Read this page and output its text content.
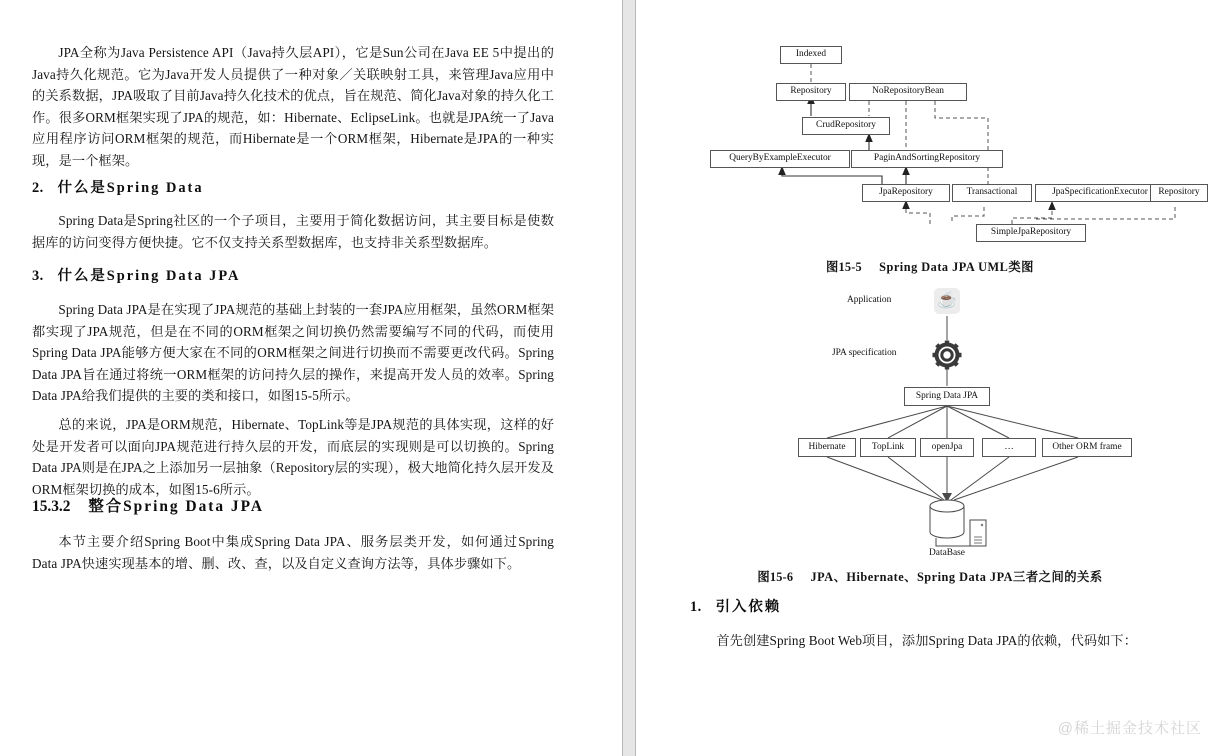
JPA全称为Java Persistence API（Java持久层API），它是Sun公司在Java EE 5中提出的Java持久化规范。它为Java开发人员提供了一种对象／关联映射工具，来管理Java应用中的关系数据，JPA吸取了目前Java持久化技术的优点，旨在规范、简化Java对象的持久化工作。很多ORM框架实现了JPA的规范，如：Hibernate、EclipseLink。也就是JPA统一了Java应用程序访问ORM框架的规范，而Hibernate是一个ORM框架，Hibernate是JPA的一种实现，是一个框架。
2. 什么是Spring Data
Spring Data是Spring社区的一个子项目，主要用于简化数据访问，其主要目标是使数据库的访问变得方便快捷。它不仅支持关系型数据库，也支持非关系型数据库。
3. 什么是Spring Data JPA
Spring Data JPA是在实现了JPA规范的基础上封装的一套JPA应用框架，虽然ORM框架都实现了JPA规范，但是在不同的ORM框架之间切换仍然需要编写不同的代码，而使用Spring Data JPA能够方便大家在不同的ORM框架之间进行切换而不需要更改代码。Spring Data JPA旨在通过将统一ORM框架的访问持久层的操作，来提高开发人员的效率。Spring Data JPA给我们提供的主要的类和接口，如图15-5所示。
总的来说，JPA是ORM规范，Hibernate、TopLink等是JPA规范的具体实现，这样的好处是开发者可以面向JPA规范进行持久层的开发，而底层的实现则是可以切换的。Spring Data JPA则是在JPA之上添加另一层抽象（Repository层的实现），极大地简化持久层开发及ORM框架切换的成本，如图15-6所示。
15.3.2 整合Spring Data JPA
本节主要介绍Spring Boot中集成Spring Data JPA、服务层类开发，如何通过Spring Data JPA快速实现基本的增、删、改、查，以及自定义查询方法等，具体步骤如下。
Indexed
Repository	NoRepositoryBean
CrudRepository
QueryByExampleExecutor	PaginAndSortingRepository
JpaRepository	Transactional	JpaSpecificationExecutor	Repository
SimpleJpaRepository
图15-5 Spring Data JPA UML类图
☕
Application
JPA specification
Spring Data JPA
Hibernate	TopLink	openJpa	…	Other ORM frame
DataBase
图15-6 JPA、Hibernate、Spring Data JPA三者之间的关系
1. 引入依赖
首先创建Spring Boot Web项目，添加Spring Data JPA的依赖，代码如下：
@稀土掘金技术社区
